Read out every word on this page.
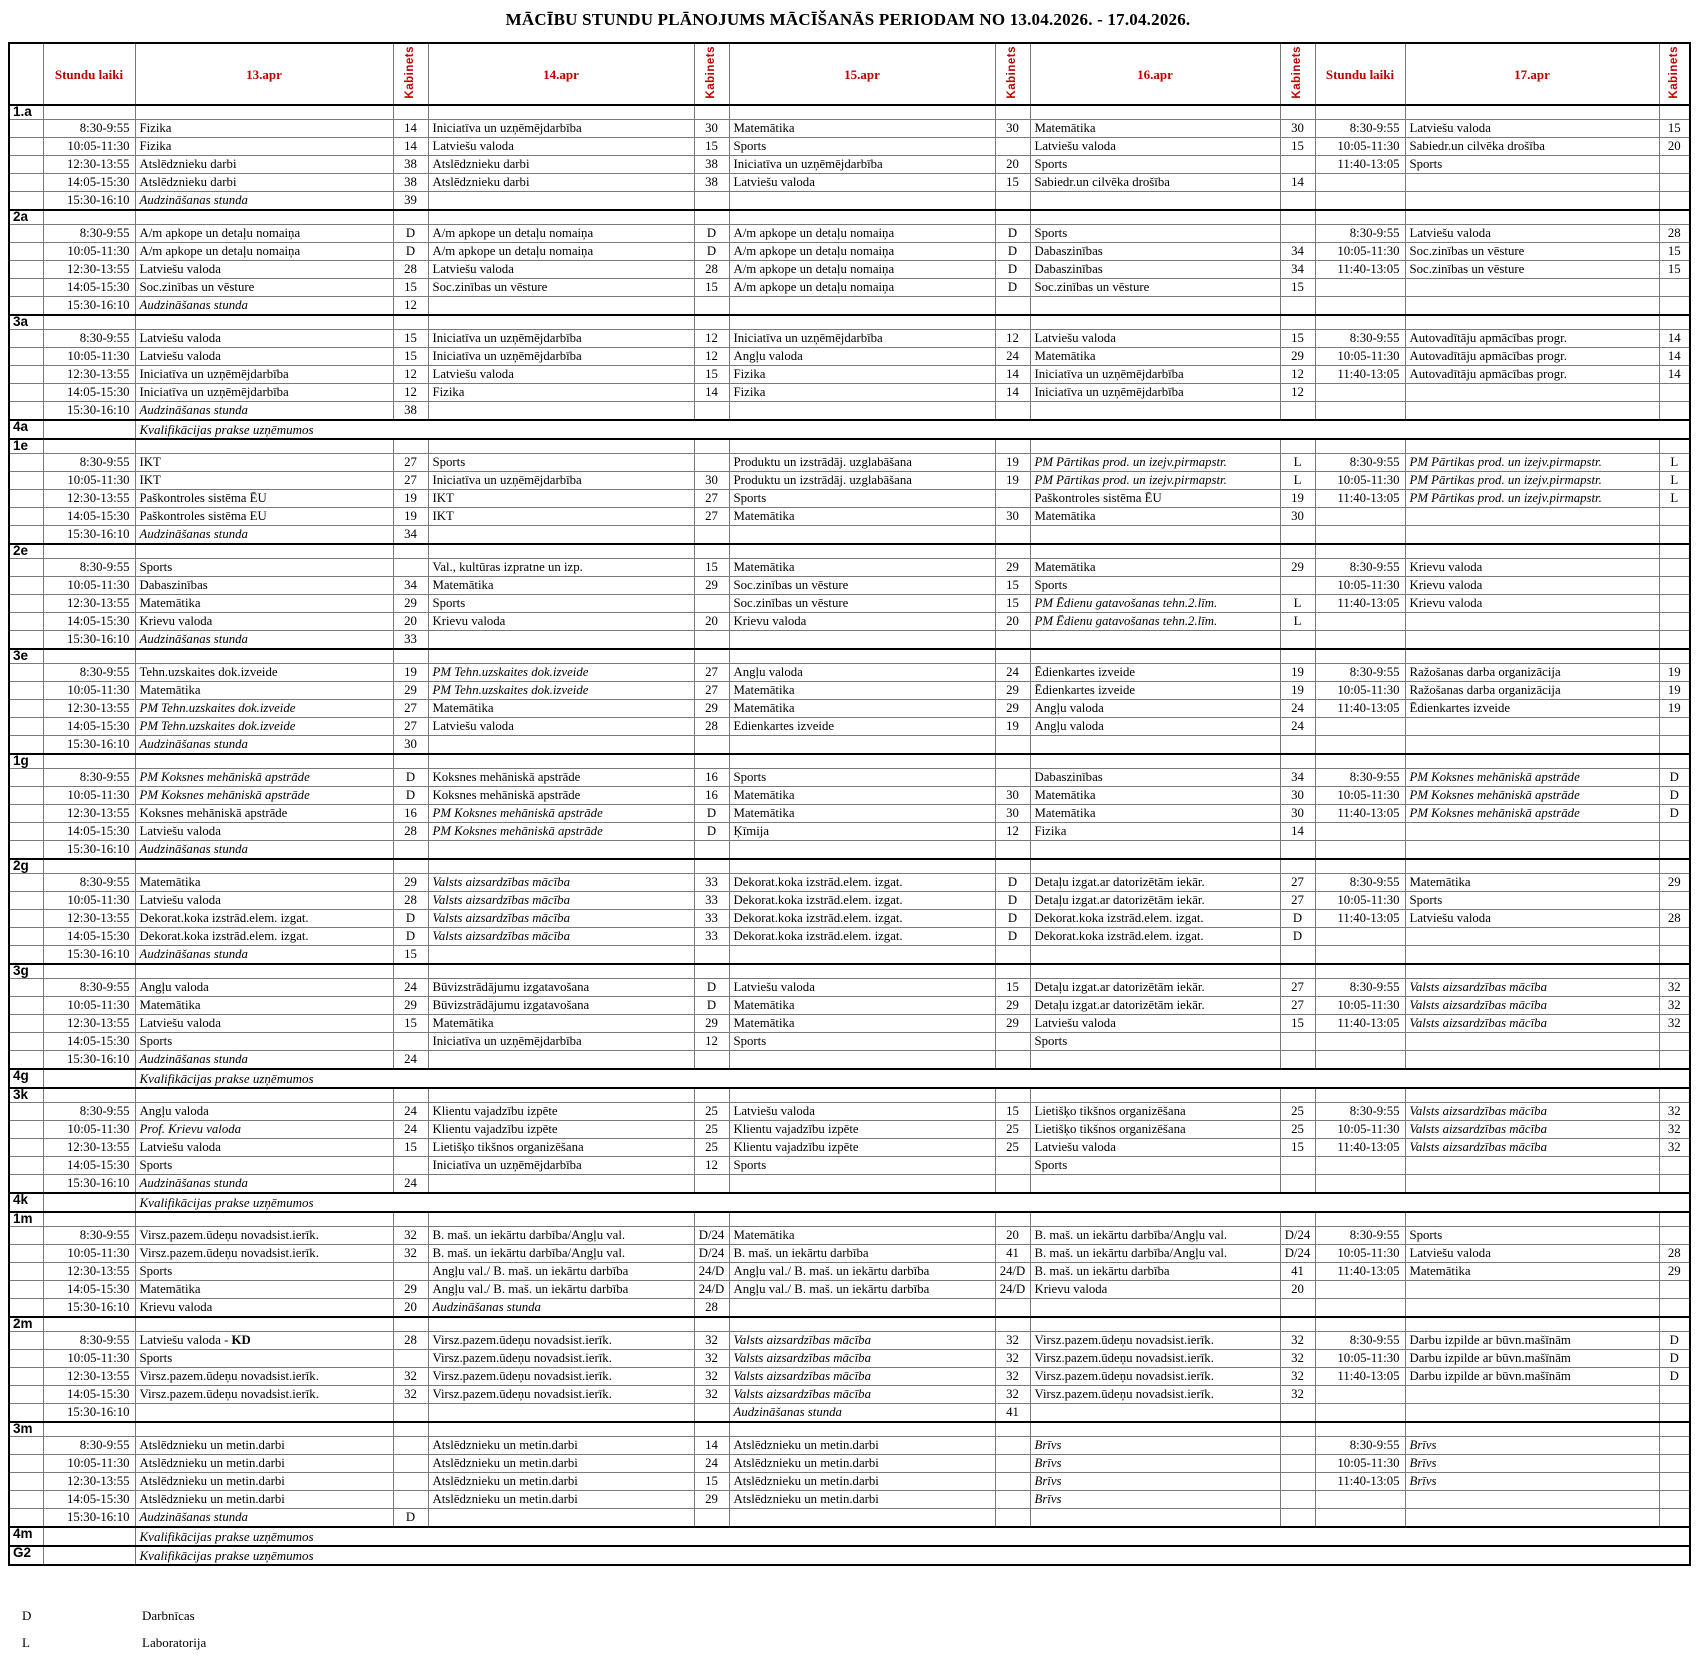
MĀCĪBU STUNDU PLĀNOJUMS MĀCĪŠANĀS PERIODAM NO 13.04.2026. - 17.04.2026.
	Stundu laiki	13.apr	Kabinets	14.apr	Kabinets	15.apr	Kabinets	16.apr	Kabinets	Stundu laiki	17.apr	Kabinets
1.a												
	8:30-9:55	Fizika	14	Iniciatīva un uzņēmējdarbība	30	Matemātika	30	Matemātika	30	8:30-9:55	Latviešu valoda	15
	10:05-11:30	Fizika	14	Latviešu valoda	15	Sports		Latviešu valoda	15	10:05-11:30	Sabiedr.un cilvēka drošība	20
	12:30-13:55	Atslēdznieku darbi	38	Atslēdznieku darbi	38	Iniciatīva un uzņēmējdarbība	20	Sports		11:40-13:05	Sports	
	14:05-15:30	Atslēdznieku darbi	38	Atslēdznieku darbi	38	Latviešu valoda	15	Sabiedr.un cilvēka drošība	14			
	15:30-16:10	Audzināšanas stunda	39									
2a												
	8:30-9:55	A/m apkope un detaļu nomaiņa	D	A/m apkope un detaļu nomaiņa	D	A/m apkope un detaļu nomaiņa	D	Sports		8:30-9:55	Latviešu valoda	28
	10:05-11:30	A/m apkope un detaļu nomaiņa	D	A/m apkope un detaļu nomaiņa	D	A/m apkope un detaļu nomaiņa	D	Dabaszinības	34	10:05-11:30	Soc.zinības un vēsture	15
	12:30-13:55	Latviešu valoda	28	Latviešu valoda	28	A/m apkope un detaļu nomaiņa	D	Dabaszinības	34	11:40-13:05	Soc.zinības un vēsture	15
	14:05-15:30	Soc.zinības un vēsture	15	Soc.zinības un vēsture	15	A/m apkope un detaļu nomaiņa	D	Soc.zinības un vēsture	15			
	15:30-16:10	Audzināšanas stunda	12									
3a												
	8:30-9:55	Latviešu valoda	15	Iniciatīva un uzņēmējdarbība	12	Iniciatīva un uzņēmējdarbība	12	Latviešu valoda	15	8:30-9:55	Autovadītāju apmācības progr.	14
	10:05-11:30	Latviešu valoda	15	Iniciatīva un uzņēmējdarbība	12	Angļu valoda	24	Matemātika	29	10:05-11:30	Autovadītāju apmācības progr.	14
	12:30-13:55	Iniciatīva un uzņēmējdarbība	12	Latviešu valoda	15	Fizika	14	Iniciatīva un uzņēmējdarbība	12	11:40-13:05	Autovadītāju apmācības progr.	14
	14:05-15:30	Iniciatīva un uzņēmējdarbība	12	Fizika	14	Fizika	14	Iniciatīva un uzņēmējdarbība	12			
	15:30-16:10	Audzināšanas stunda	38									
4a		Kvalifikācijas prakse uzņēmumos										
1e												
	8:30-9:55	IKT	27	Sports		Produktu un izstrādāj. uzglabāšana	19	PM Pārtikas prod. un izejv.pirmapstr.	L	8:30-9:55	PM Pārtikas prod. un izejv.pirmapstr.	L
	10:05-11:30	IKT	27	Iniciatīva un uzņēmējdarbība	30	Produktu un izstrādāj. uzglabāšana	19	PM Pārtikas prod. un izejv.pirmapstr.	L	10:05-11:30	PM Pārtikas prod. un izejv.pirmapstr.	L
	12:30-13:55	Paškontroles sistēma ĒU	19	IKT	27	Sports		Paškontroles sistēma ĒU	19	11:40-13:05	PM Pārtikas prod. un izejv.pirmapstr.	L
	14:05-15:30	Paškontroles sistēma EU	19	IKT	27	Matemātika	30	Matemātika	30			
	15:30-16:10	Audzināšanas stunda	34									
2e												
	8:30-9:55	Sports		Val., kultūras izpratne un izp.	15	Matemātika	29	Matemātika	29	8:30-9:55	Krievu valoda	
	10:05-11:30	Dabaszinības	34	Matemātika	29	Soc.zinības un vēsture	15	Sports		10:05-11:30	Krievu valoda	
	12:30-13:55	Matemātika	29	Sports		Soc.zinības un vēsture	15	PM Ēdienu gatavošanas tehn.2.līm.	L	11:40-13:05	Krievu valoda	
	14:05-15:30	Krievu valoda	20	Krievu valoda	20	Krievu valoda	20	PM Ēdienu gatavošanas tehn.2.līm.	L			
	15:30-16:10	Audzināšanas stunda	33									
3e												
	8:30-9:55	Tehn.uzskaites dok.izveide	19	PM Tehn.uzskaites dok.izveide	27	Angļu valoda	24	Ēdienkartes izveide	19	8:30-9:55	Ražošanas darba organizācija	19
	10:05-11:30	Matemātika	29	PM Tehn.uzskaites dok.izveide	27	Matemātika	29	Ēdienkartes izveide	19	10:05-11:30	Ražošanas darba organizācija	19
	12:30-13:55	PM Tehn.uzskaites dok.izveide	27	Matemātika	29	Matemātika	29	Angļu valoda	24	11:40-13:05	Ēdienkartes izveide	19
	14:05-15:30	PM Tehn.uzskaites dok.izveide	27	Latviešu valoda	28	Edienkartes izveide	19	Angļu valoda	24			
	15:30-16:10	Audzināšanas stunda	30									
1g												
	8:30-9:55	PM Koksnes mehāniskā apstrāde	D	Koksnes mehāniskā apstrāde	16	Sports		Dabaszinības	34	8:30-9:55	PM Koksnes mehāniskā apstrāde	D
	10:05-11:30	PM Koksnes mehāniskā apstrāde	D	Koksnes mehāniskā apstrāde	16	Matemātika	30	Matemātika	30	10:05-11:30	PM Koksnes mehāniskā apstrāde	D
	12:30-13:55	Koksnes mehāniskā apstrāde	16	PM Koksnes mehāniskā apstrāde	D	Matemātika	30	Matemātika	30	11:40-13:05	PM Koksnes mehāniskā apstrāde	D
	14:05-15:30	Latviešu valoda	28	PM Koksnes mehāniskā apstrāde	D	Ķīmija	12	Fizika	14			
	15:30-16:10	Audzināšanas stunda										
2g												
	8:30-9:55	Matemātika	29	Valsts aizsardzības mācība	33	Dekorat.koka izstrād.elem. izgat.	D	Detaļu izgat.ar datorizētām iekār.	27	8:30-9:55	Matemātika	29
	10:05-11:30	Latviešu valoda	28	Valsts aizsardzības mācība	33	Dekorat.koka izstrād.elem. izgat.	D	Detaļu izgat.ar datorizētām iekār.	27	10:05-11:30	Sports	
	12:30-13:55	Dekorat.koka izstrād.elem. izgat.	D	Valsts aizsardzības mācība	33	Dekorat.koka izstrād.elem. izgat.	D	Dekorat.koka izstrād.elem. izgat.	D	11:40-13:05	Latviešu valoda	28
	14:05-15:30	Dekorat.koka izstrād.elem. izgat.	D	Valsts aizsardzības mācība	33	Dekorat.koka izstrād.elem. izgat.	D	Dekorat.koka izstrād.elem. izgat.	D			
	15:30-16:10	Audzināšanas stunda	15									
3g												
	8:30-9:55	Angļu valoda	24	Būvizstrādājumu izgatavošana	D	Latviešu valoda	15	Detaļu izgat.ar datorizētām iekār.	27	8:30-9:55	Valsts aizsardzības mācība	32
	10:05-11:30	Matemātika	29	Būvizstrādājumu izgatavošana	D	Matemātika	29	Detaļu izgat.ar datorizētām iekār.	27	10:05-11:30	Valsts aizsardzības mācība	32
	12:30-13:55	Latviešu valoda	15	Matemātika	29	Matemātika	29	Latviešu valoda	15	11:40-13:05	Valsts aizsardzības mācība	32
	14:05-15:30	Sports		Iniciatīva un uzņēmējdarbība	12	Sports		Sports				
	15:30-16:10	Audzināšanas stunda	24									
4g		Kvalifikācijas prakse uzņēmumos										
3k												
	8:30-9:55	Angļu valoda	24	Klientu vajadzību izpēte	25	Latviešu valoda	15	Lietišķo tikšnos organizēšana	25	8:30-9:55	Valsts aizsardzības mācība	32
	10:05-11:30	Prof. Krievu valoda	24	Klientu vajadzību izpēte	25	Klientu vajadzību izpēte	25	Lietišķo tikšnos organizēšana	25	10:05-11:30	Valsts aizsardzības mācība	32
	12:30-13:55	Latviešu valoda	15	Lietišķo tikšnos organizēšana	25	Klientu vajadzību izpēte	25	Latviešu valoda	15	11:40-13:05	Valsts aizsardzības mācība	32
	14:05-15:30	Sports		Iniciatīva un uzņēmējdarbība	12	Sports		Sports				
	15:30-16:10	Audzināšanas stunda	24									
4k		Kvalifikācijas prakse uzņēmumos										
1m												
	8:30-9:55	Virsz.pazem.ūdeņu novadsist.ierīk.	32	B. maš. un iekārtu darbība/Angļu val.	D/24	Matemātika	20	B. maš. un iekārtu darbība/Angļu val.	D/24	8:30-9:55	Sports	
	10:05-11:30	Virsz.pazem.ūdeņu novadsist.ierīk.	32	B. maš. un iekārtu darbība/Angļu val.	D/24	B. maš. un iekārtu darbība	41	B. maš. un iekārtu darbība/Angļu val.	D/24	10:05-11:30	Latviešu valoda	28
	12:30-13:55	Sports		Angļu val./ B. maš. un iekārtu darbība	24/D	Angļu val./ B. maš. un iekārtu darbība	24/D	B. maš. un iekārtu darbība	41	11:40-13:05	Matemātika	29
	14:05-15:30	Matemātika	29	Angļu val./ B. maš. un iekārtu darbība	24/D	Angļu val./ B. maš. un iekārtu darbība	24/D	Krievu valoda	20			
	15:30-16:10	Krievu valoda	20	Audzināšanas stunda	28							
2m												
	8:30-9:55	Latviešu valoda - KD	28	Virsz.pazem.ūdeņu novadsist.ierīk.	32	Valsts aizsardzības mācība	32	Virsz.pazem.ūdeņu novadsist.ierīk.	32	8:30-9:55	Darbu izpilde ar būvn.mašīnām	D
	10:05-11:30	Sports		Virsz.pazem.ūdeņu novadsist.ierīk.	32	Valsts aizsardzības mācība	32	Virsz.pazem.ūdeņu novadsist.ierīk.	32	10:05-11:30	Darbu izpilde ar būvn.mašīnām	D
	12:30-13:55	Virsz.pazem.ūdeņu novadsist.ierīk.	32	Virsz.pazem.ūdeņu novadsist.ierīk.	32	Valsts aizsardzības mācība	32	Virsz.pazem.ūdeņu novadsist.ierīk.	32	11:40-13:05	Darbu izpilde ar būvn.mašīnām	D
	14:05-15:30	Virsz.pazem.ūdeņu novadsist.ierīk.	32	Virsz.pazem.ūdeņu novadsist.ierīk.	32	Valsts aizsardzības mācība	32	Virsz.pazem.ūdeņu novadsist.ierīk.	32			
	15:30-16:10					Audzināšanas stunda	41					
3m												
	8:30-9:55	Atslēdznieku un metin.darbi		Atslēdznieku un metin.darbi	14	Atslēdznieku un metin.darbi		Brīvs		8:30-9:55	Brīvs	
	10:05-11:30	Atslēdznieku un metin.darbi		Atslēdznieku un metin.darbi	24	Atslēdznieku un metin.darbi		Brīvs		10:05-11:30	Brīvs	
	12:30-13:55	Atslēdznieku un metin.darbi		Atslēdznieku un metin.darbi	15	Atslēdznieku un metin.darbi		Brīvs		11:40-13:05	Brīvs	
	14:05-15:30	Atslēdznieku un metin.darbi		Atslēdznieku un metin.darbi	29	Atslēdznieku un metin.darbi		Brīvs				
	15:30-16:10	Audzināšanas stunda	D									
4m		Kvalifikācijas prakse uzņēmumos										
G2		Kvalifikācijas prakse uzņēmumos										
D	Darbnīcas
L	Laboratorija
